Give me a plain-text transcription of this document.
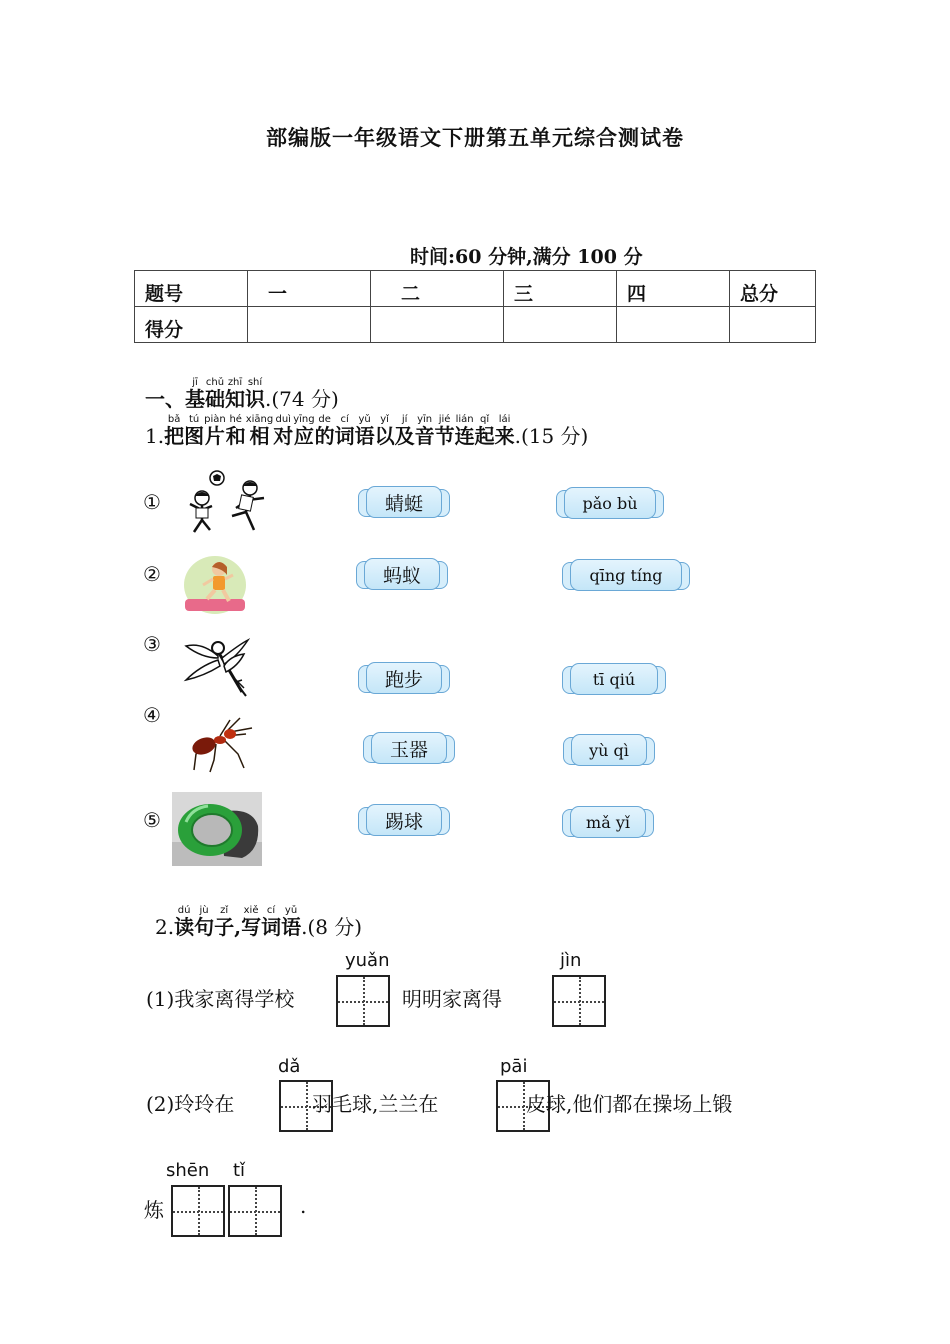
部编版一年级语文下册第五单元综合测试卷
时间:60 分钟,满分 100 分
题号	一	二	三	四	总分
得分					

一、
jī
基
chǔ
础
zhī
知
shí
识
.(74 分)

1.
bǎ
把
tú
图
piàn
片
hé
和
xiāng
相
duì
对
yīng
应
de
的
cí
词
yǔ
语
yǐ
以
jí
及
yīn
音
jié
节
lián
连
qǐ
起
lái
来
.(15 分)
①
②
③
④
⑤
蜻蜓
蚂蚁
跑步
玉器
踢球
pǎo bù
qīng tíng
tī qiú
yù qì
mǎ yǐ

2.
dú
读
jù
句
zǐ
子
,
xiě
写
cí
词
yǔ
语
.(8 分)
(1)我家离得学校
yuǎn
明明家离得
jìn
(2)玲玲在
dǎ
羽毛球,兰兰在
pāi
皮球,他们都在操场上锻
炼
shēn tǐ
.
